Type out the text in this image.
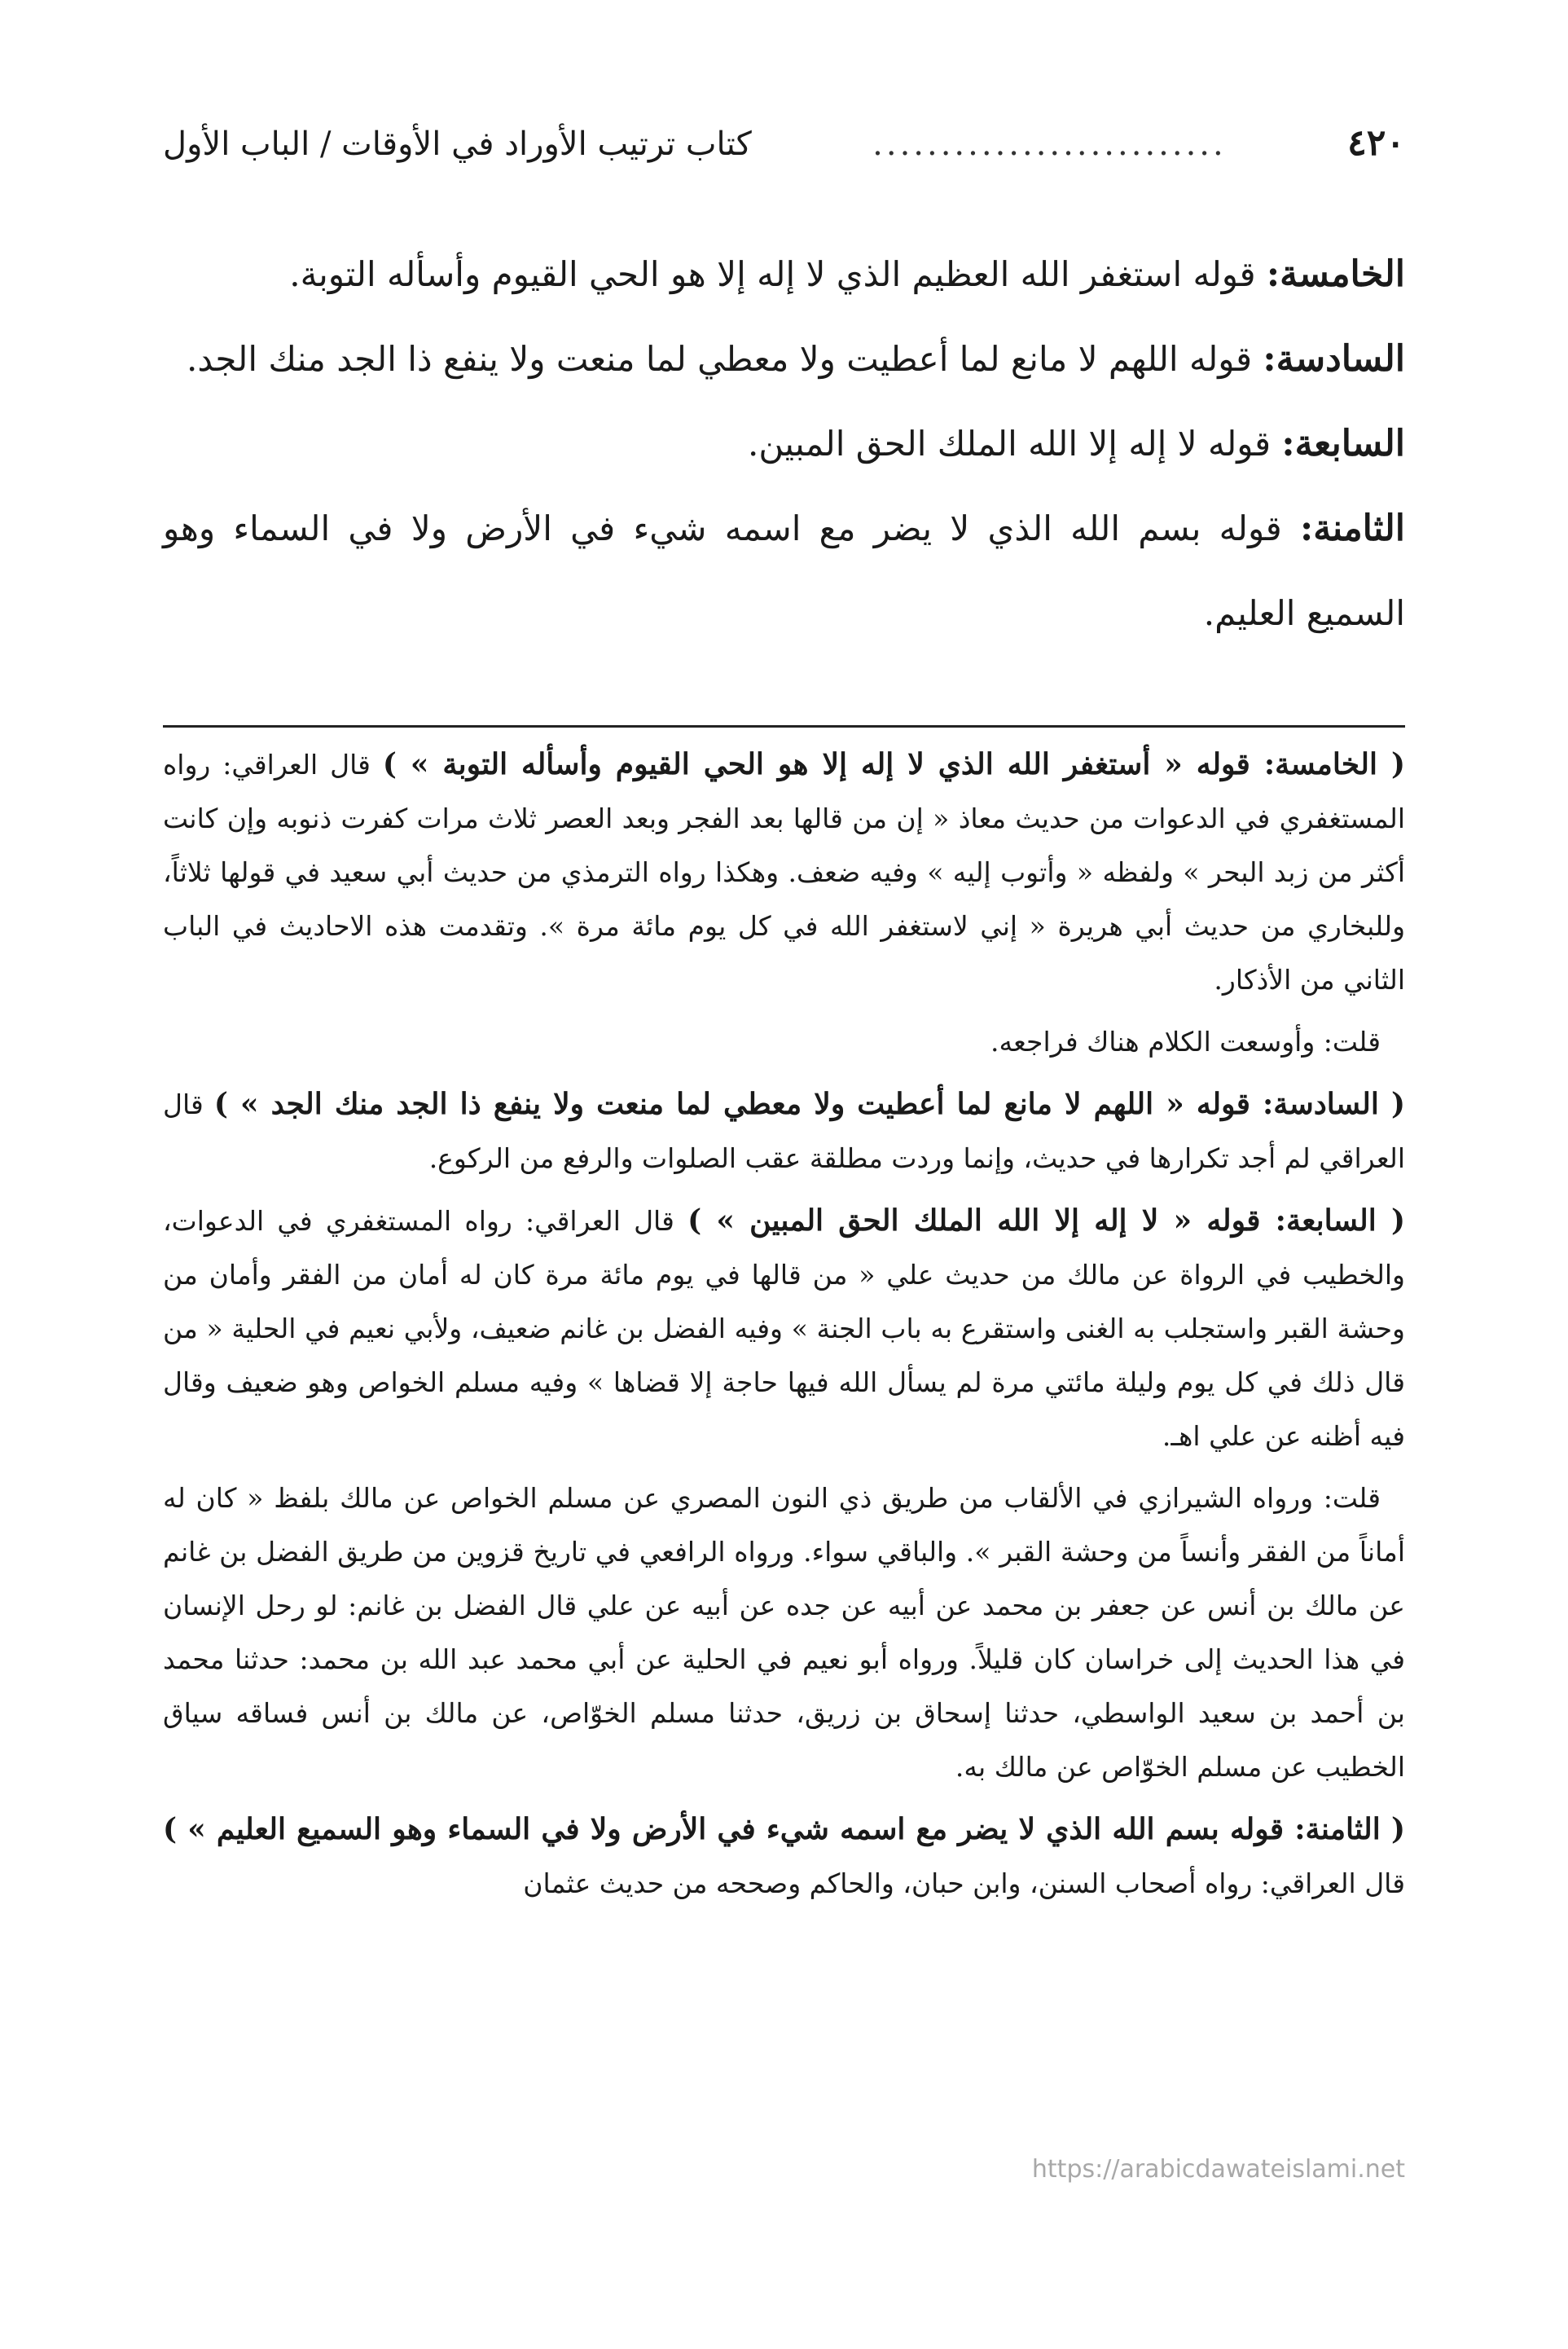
٤٢٠
..........................
كتاب ترتيب الأوراد في الأوقات / الباب الأول

الخامسة: قوله استغفر الله العظيم الذي لا إله إلا هو الحي القيوم وأسأله التوبة.

السادسة: قوله اللهم لا مانع لما أعطيت ولا معطي لما منعت ولا ينفع ذا الجد منك الجد.

السابعة: قوله لا إله إلا الله الملك الحق المبين.

الثامنة: قوله بسم الله الذي لا يضر مع اسمه شيء في الأرض ولا في السماء وهو السميع العليم.

( الخامسة: قوله « أستغفر الله الذي لا إله إلا هو الحي القيوم وأسأله التوبة » ) قال العراقي: رواه المستغفري في الدعوات من حديث معاذ « إن من قالها بعد الفجر وبعد العصر ثلاث مرات كفرت ذنوبه وإن كانت أكثر من زبد البحر » ولفظه « وأتوب إليه » وفيه ضعف. وهكذا رواه الترمذي من حديث أبي سعيد في قولها ثلاثاً، وللبخاري من حديث أبي هريرة « إني لاستغفر الله في كل يوم مائة مرة ». وتقدمت هذه الاحاديث في الباب الثاني من الأذكار.

قلت: وأوسعت الكلام هناك فراجعه.

( السادسة: قوله « اللهم لا مانع لما أعطيت ولا معطي لما منعت ولا ينفع ذا الجد منك الجد » ) قال العراقي لم أجد تكرارها في حديث، وإنما وردت مطلقة عقب الصلوات والرفع من الركوع.

( السابعة: قوله « لا إله إلا الله الملك الحق المبين » ) قال العراقي: رواه المستغفري في الدعوات، والخطيب في الرواة عن مالك من حديث علي « من قالها في يوم مائة مرة كان له أمان من الفقر وأمان من وحشة القبر واستجلب به الغنى واستقرع به باب الجنة » وفيه الفضل بن غانم ضعيف، ولأبي نعيم في الحلية « من قال ذلك في كل يوم وليلة مائتي مرة لم يسأل الله فيها حاجة إلا قضاها » وفيه مسلم الخواص وهو ضعيف وقال فيه أظنه عن علي اهـ.

قلت: ورواه الشيرازي في الألقاب من طريق ذي النون المصري عن مسلم الخواص عن مالك بلفظ « كان له أماناً من الفقر وأنساً من وحشة القبر ». والباقي سواء. ورواه الرافعي في تاريخ قزوين من طريق الفضل بن غانم عن مالك بن أنس عن جعفر بن محمد عن أبيه عن جده عن أبيه عن علي قال الفضل بن غانم: لو رحل الإنسان في هذا الحديث إلى خراسان كان قليلاً. ورواه أبو نعيم في الحلية عن أبي محمد عبد الله بن محمد: حدثنا محمد بن أحمد بن سعيد الواسطي، حدثنا إسحاق بن زريق، حدثنا مسلم الخوّاص، عن مالك بن أنس فساقه سياق الخطيب عن مسلم الخوّاص عن مالك به.

( الثامنة: قوله بسم الله الذي لا يضر مع اسمه شيء في الأرض ولا في السماء وهو السميع العليم » ) قال العراقي: رواه أصحاب السنن، وابن حبان، والحاكم وصححه من حديث عثمان

https://arabicdawateislami.net
